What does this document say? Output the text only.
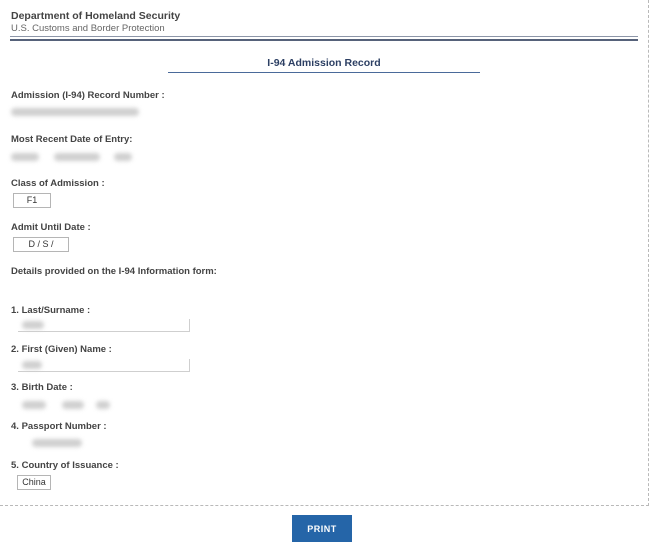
Department of Homeland Security
U.S. Customs and Border Protection
I-94 Admission Record
Admission (I-94) Record Number :
Most Recent Date of Entry:
Class of Admission :
F1
Admit Until Date :
D / S /
Details provided on the I-94 Information form:
1. Last/Surname :
2. First (Given) Name :
3. Birth Date :
4. Passport Number :
5. Country of Issuance :
China
PRINT
